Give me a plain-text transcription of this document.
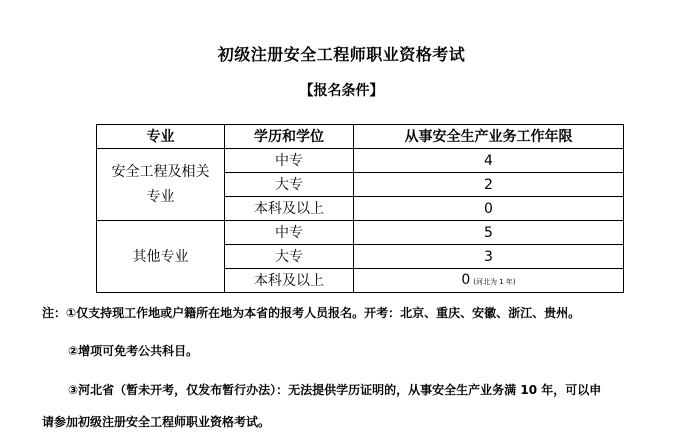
初级注册安全工程师职业资格考试
【报名条件】
专业	学历和学位	从事安全生产业务工作年限
安全工程及相关专业	中专	4
	大专	2
	本科及以上	0
其他专业	中专	5
	大专	3
	本科及以上	0 (河北为 1 年)
注：①仅支持现工作地或户籍所在地为本省的报考人员报名。开考：北京、重庆、安徽、浙江、贵州。
②增项可免考公共科目。
③河北省（暂未开考，仅发布暂行办法）：无法提供学历证明的，从事安全生产业务满 10 年，可以申
请参加初级注册安全工程师职业资格考试。
